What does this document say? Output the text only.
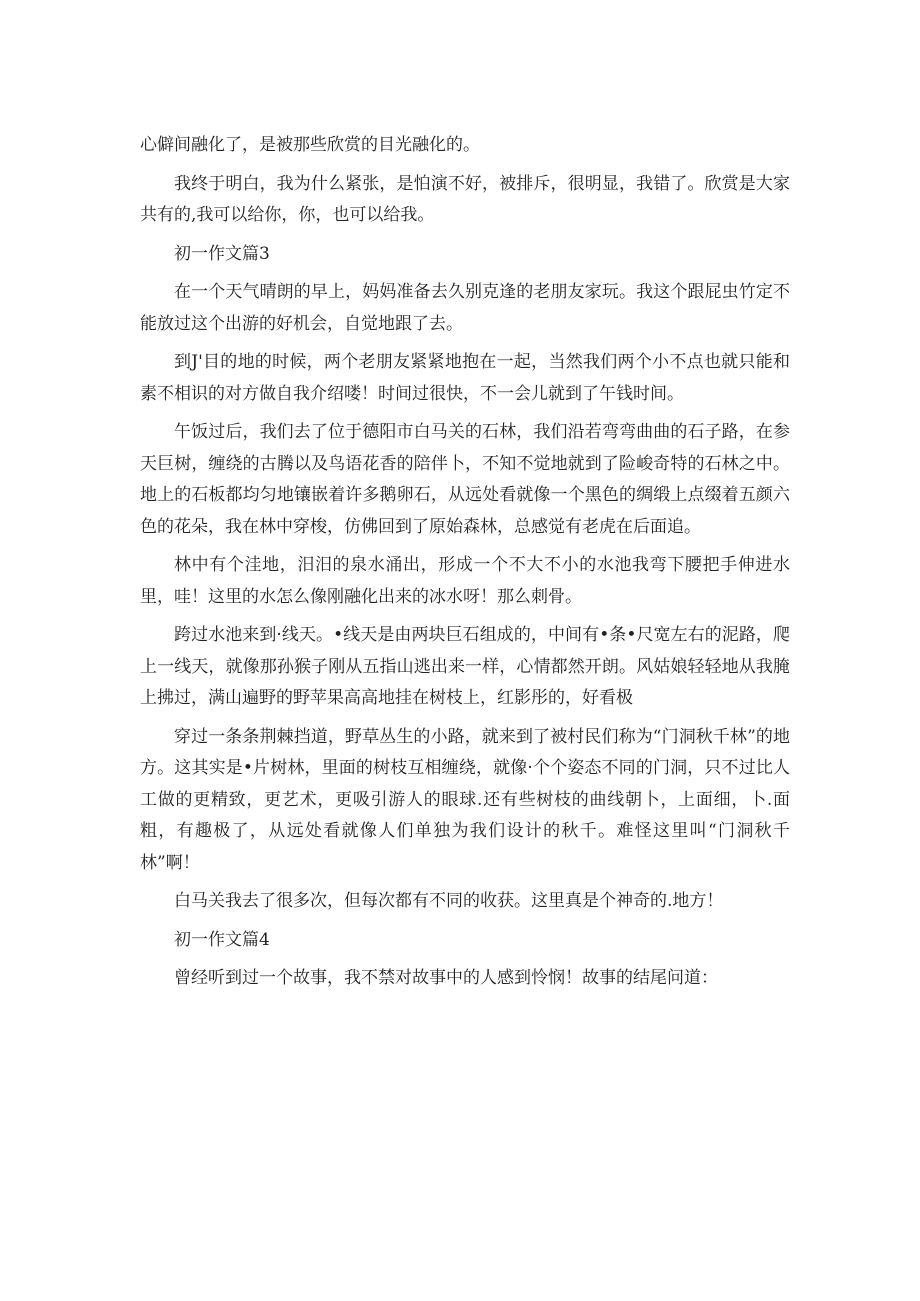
心僻间融化了，是被那些欣赏的目光融化的。

我终于明白，我为什么紧张，是怕演不好，被排斥，很明显，我错了。欣赏是大家共有的,我可以给你，你，也可以给我。

初一作文篇3

在一个天气晴朗的早上，妈妈准备去久别克逢的老朋友家玩。我这个跟屁虫竹定不能放过这个出游的好机会，自觉地跟了去。

到J'目的地的时候，两个老朋友紧紧地抱在一起，当然我们两个小不点也就只能和素不相识的对方做自我介绍喽！时间过很快，不一会儿就到了午钱时间。

午饭过后，我们去了位于德阳市白马关的石林，我们沿若弯弯曲曲的石子路，在参天巨树，缠绕的古腾以及鸟语花香的陪伴卜，不知不觉地就到了险峻奇特的石林之中。地上的石板都均匀地镶嵌着许多鹅卵石，从远处看就像一个黑色的绸缎上点缀着五颜六色的花朵，我在林中穿梭，仿佛回到了原始森林，总感觉有老虎在后面追。

林中有个洼地，汨汨的泉水涌出，形成一个不大不小的水池我弯下腰把手伸进水里，哇！这里的水怎么像刚融化出来的冰水呀！那么刺骨。

跨过水池来到·线天。•线天是由两块巨石组成的，中间有•条•尺宽左右的泥路，爬上一线天，就像那孙猴子刚从五指山逃出来一样，心情都然开朗。风姑娘轻轻地从我腌上拂过，满山遍野的野苹果高高地挂在树枝上，红影彤的，好看极

穿过一条条荆棘挡道，野草丛生的小路，就来到了被村民们称为“门洞秋千林”的地方。这其实是•片树林，里面的树枝互相缠绕，就像·个个姿态不同的门洞，只不过比人工做的更精致，更艺术，更吸引游人的眼球.还有些树枝的曲线朝卜，上面细，卜.面粗，有趣极了，从远处看就像人们单独为我们设计的秋千。难怪这里叫“门洞秋千林”啊！

白马关我去了很多次，但每次都有不同的收获。这里真是个神奇的.地方！

初一作文篇4

曾经听到过一个故事，我不禁对故事中的人感到怜悯！故事的结尾问道：
